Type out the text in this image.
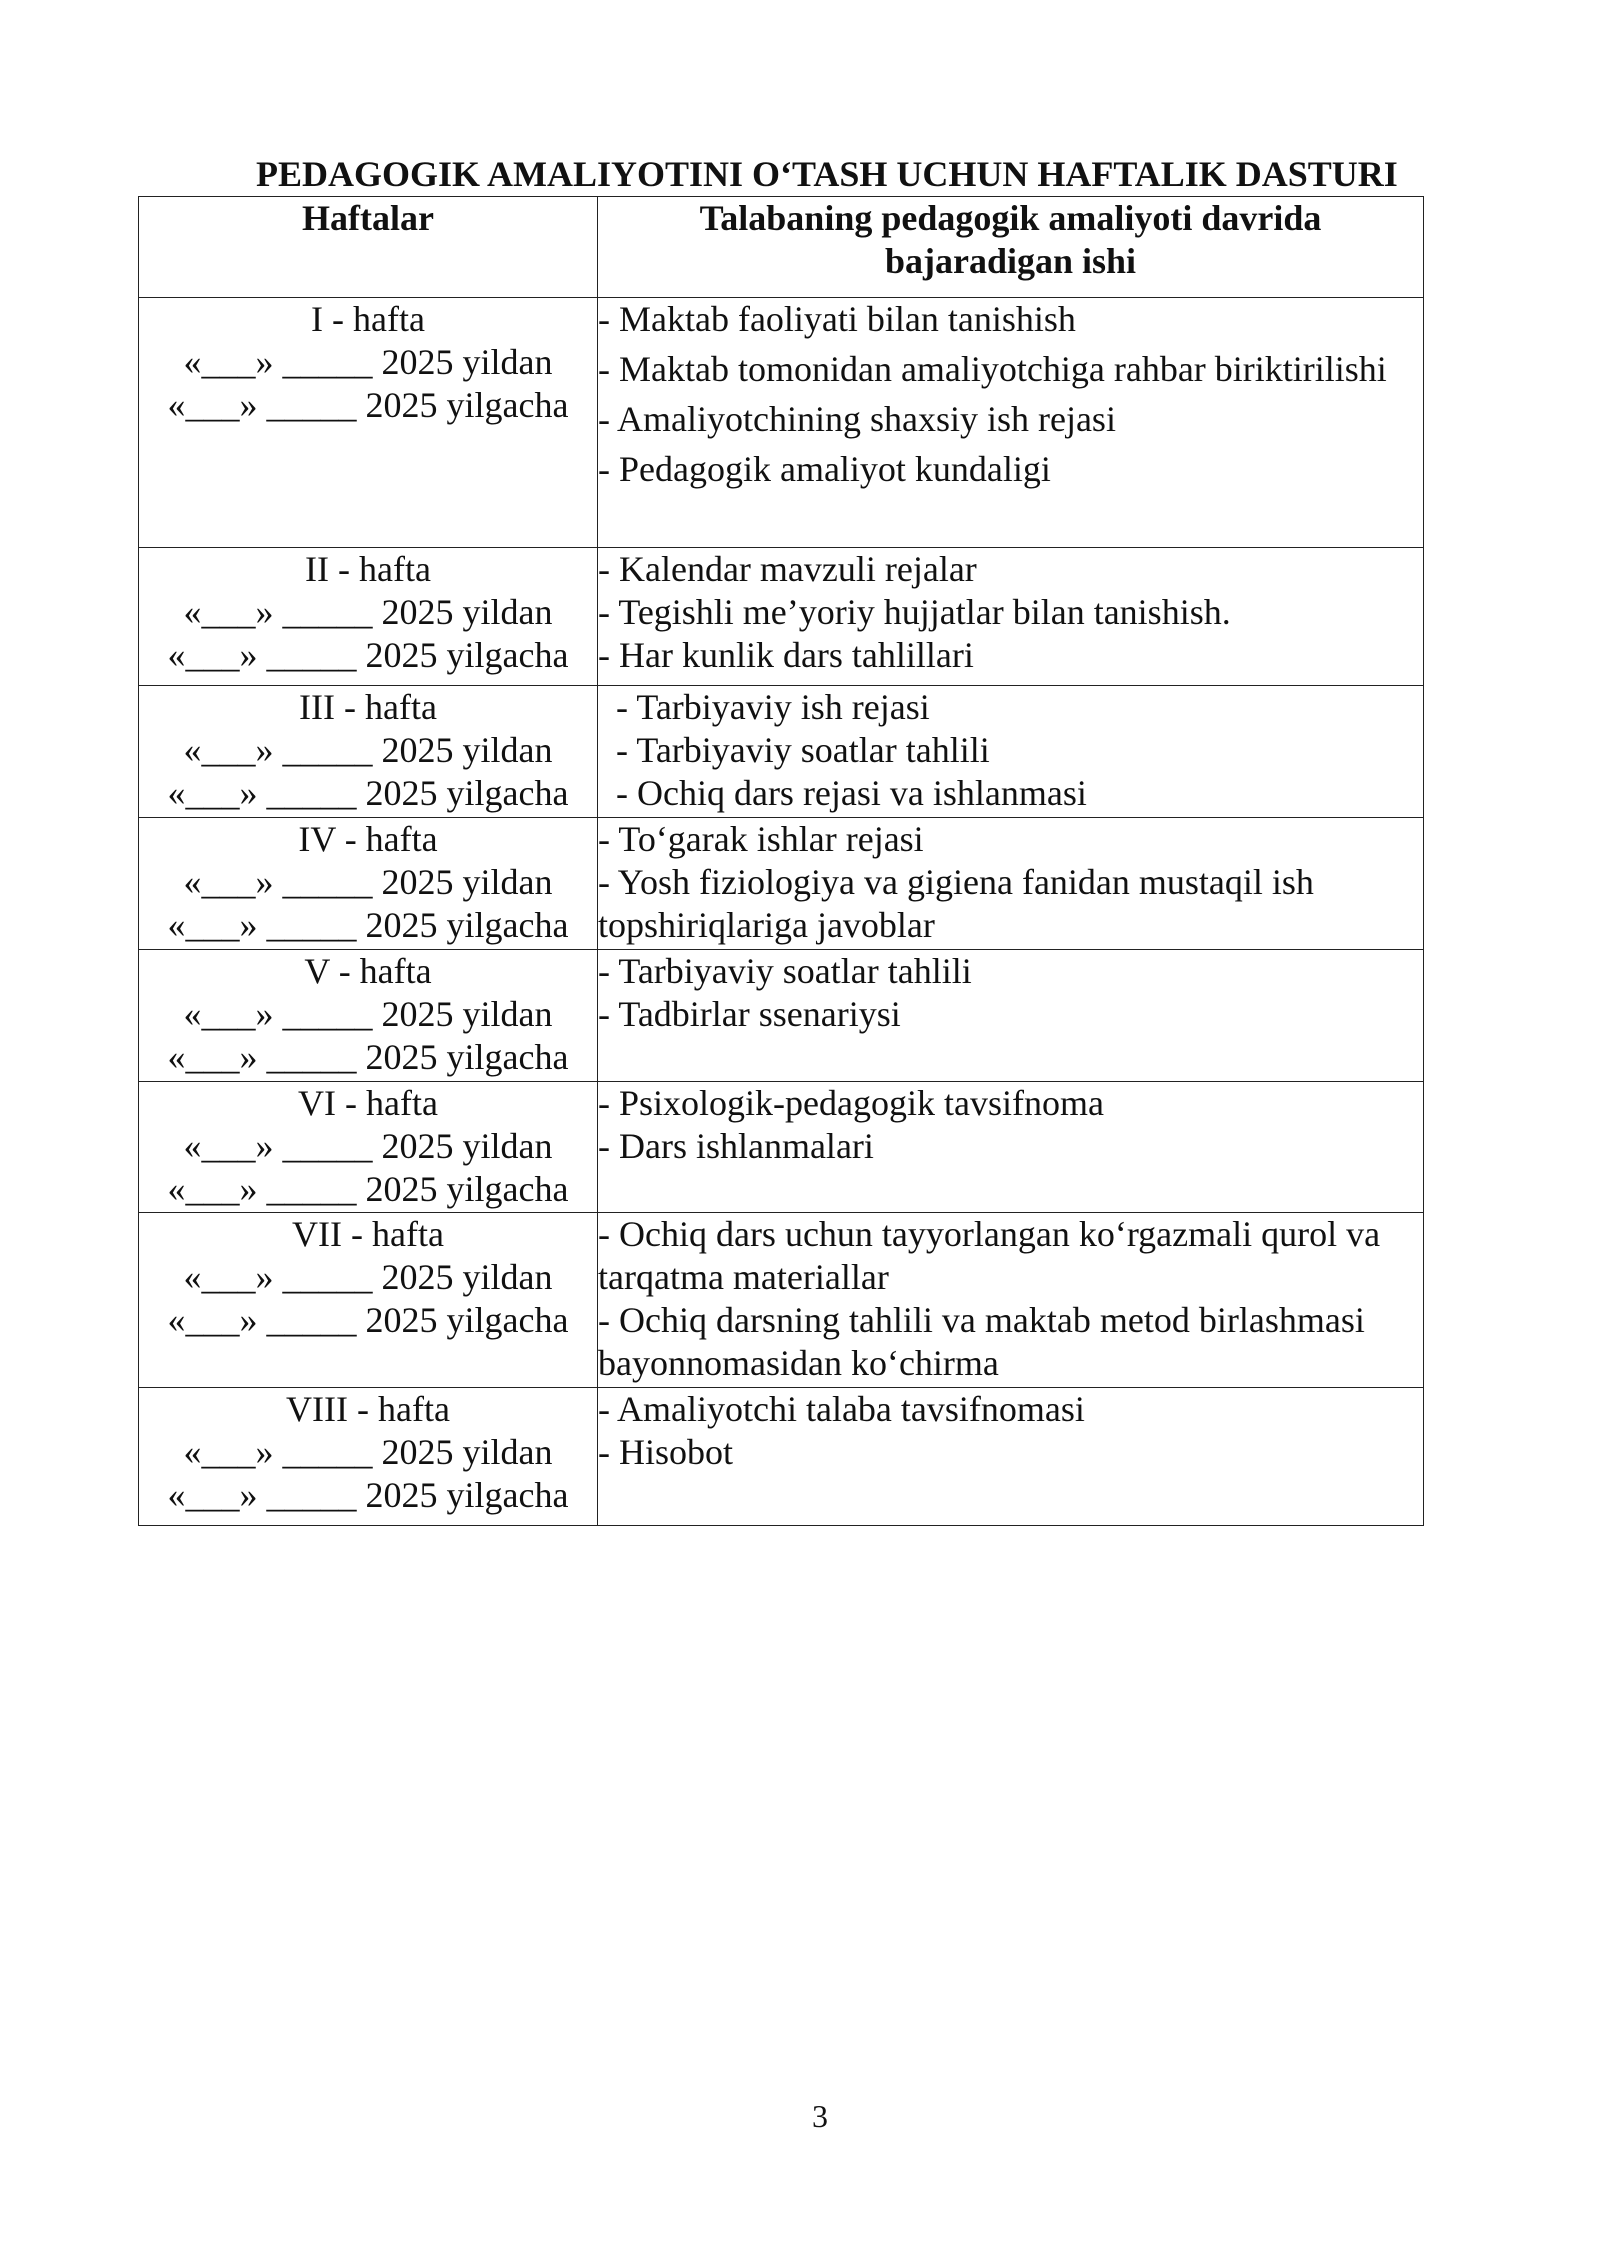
PEDAGOGIK AMALIYOTINI O‘TASH UCHUN HAFTALIK DASTURI
Haftalar	Talabaning pedagogik amaliyoti davrida
bajaradigan ishi

I - hafta
«___» _____ 2025 yildan
«___» _____ 2025 yilgacha	- Maktab faoliyati bilan tanishish
- Maktab tomonidan amaliyotchiga rahbar biriktirilishi
- Amaliyotchining shaxsiy ish rejasi
- Pedagogik amaliyot kundaligi

II - hafta
«___» _____ 2025 yildan
«___» _____ 2025 yilgacha	- Kalendar mavzuli rejalar
- Tegishli me’yoriy hujjatlar bilan tanishish.
- Har kunlik dars tahlillari

III - hafta
«___» _____ 2025 yildan
«___» _____ 2025 yilgacha	- Tarbiyaviy ish rejasi
- Tarbiyaviy soatlar tahlili
- Ochiq dars rejasi va ishlanmasi

IV - hafta
«___» _____ 2025 yildan
«___» _____ 2025 yilgacha	- To‘garak ishlar rejasi
- Yosh fiziologiya va gigiena fanidan mustaqil ish topshiriqlariga javoblar

V - hafta
«___» _____ 2025 yildan
«___» _____ 2025 yilgacha	- Tarbiyaviy soatlar tahlili
- Tadbirlar ssenariysi

VI - hafta
«___» _____ 2025 yildan
«___» _____ 2025 yilgacha	- Psixologik-pedagogik tavsifnoma
- Dars ishlanmalari

VII - hafta
«___» _____ 2025 yildan
«___» _____ 2025 yilgacha	- Ochiq dars uchun tayyorlangan ko‘rgazmali qurol va tarqatma materiallar
- Ochiq darsning tahlili va maktab metod birlashmasi bayonnomasidan ko‘chirma

VIII - hafta
«___» _____ 2025 yildan
«___» _____ 2025 yilgacha	- Amaliyotchi talaba tavsifnomasi
- Hisobot
3
